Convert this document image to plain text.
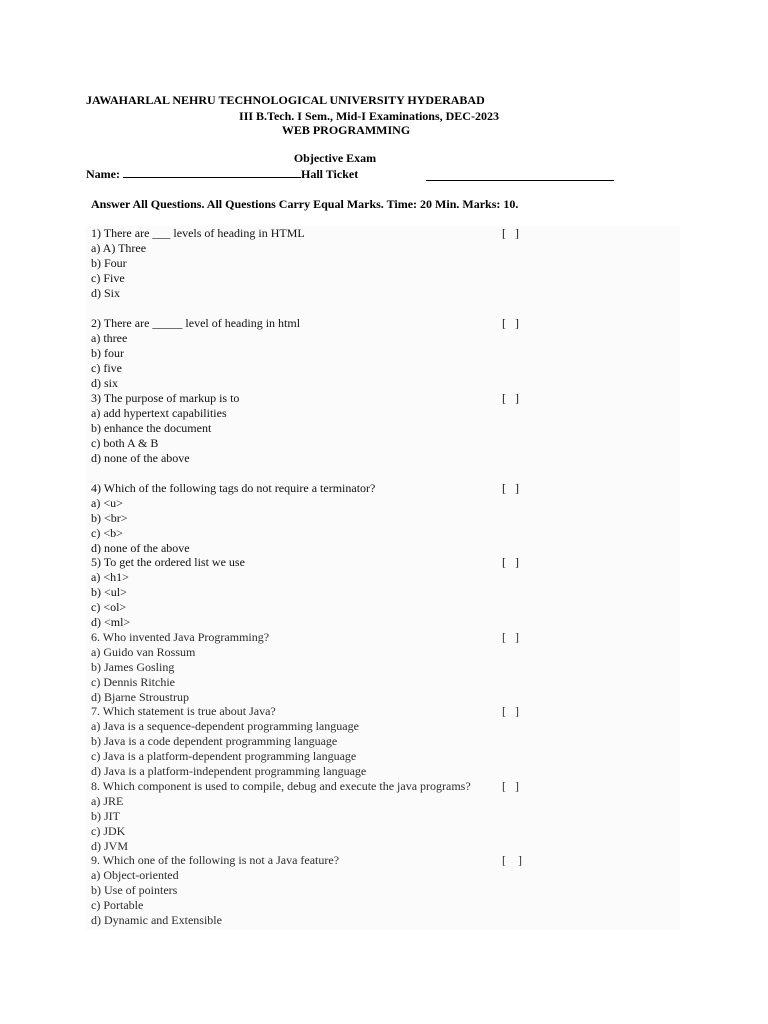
JAWAHARLAL NEHRU TECHNOLOGICAL UNIVERSITY HYDERABAD
III B.Tech. I Sem., Mid-I Examinations, DEC-2023
WEB PROGRAMMING
Objective Exam
Name:	Hall Ticket
Answer All Questions. All Questions Carry Equal Marks. Time: 20 Min. Marks: 10.
1) There are ___ levels of heading in HTML
a) A) Three
b) Four
c) Five
d) Six
[   ]
2) There are _____ level of heading in html
a) three
b) four
c) five
d) six
[   ]
3) The purpose of markup is to
a) add hypertext capabilities
b) enhance the document
c) both A & B
d) none of the above
[   ]
4) Which of the following tags do not require a terminator?
a) <u>
b) <br>
c) <b>
d) none of the above
[   ]
5) To get the ordered list we use
a) <h1>
b) <ul>
c) <ol>
d) <ml>
[   ]
6. Who invented Java Programming?
a) Guido van Rossum
b) James Gosling
c) Dennis Ritchie
d) Bjarne Stroustrup
[   ]
7. Which statement is true about Java?
a) Java is a sequence-dependent programming language
b) Java is a code dependent programming language
c) Java is a platform-dependent programming language
d) Java is a platform-independent programming language
[   ]
8. Which component is used to compile, debug and execute the java programs?
a) JRE
b) JIT
c) JDK
d) JVM
[   ]
9. Which one of the following is not a Java feature?
a) Object-oriented
b) Use of pointers
c) Portable
d) Dynamic and Extensible
[    ]
